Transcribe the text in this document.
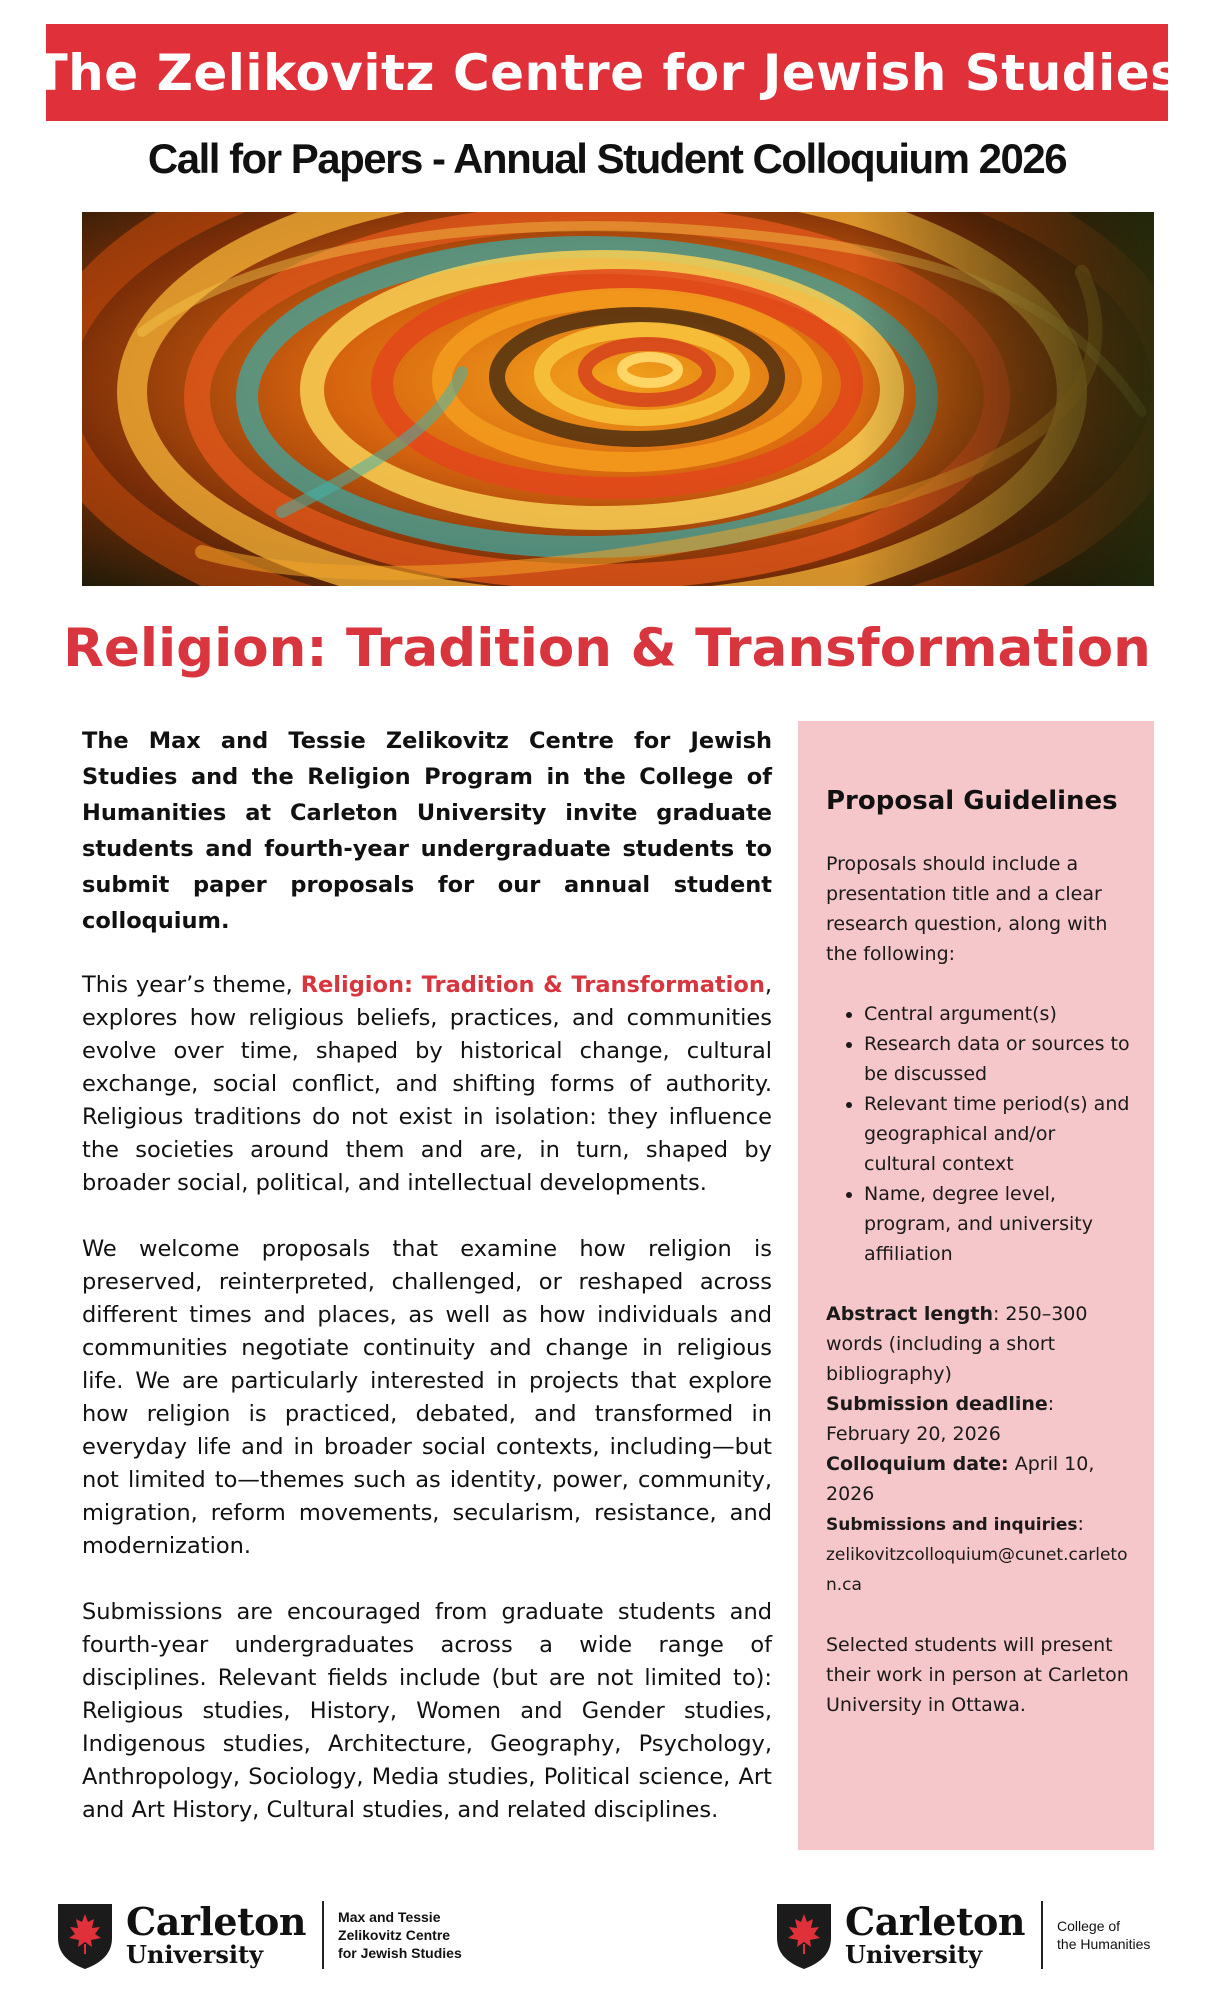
The Zelikovitz Centre for Jewish Studies
Call for Papers - Annual Student Colloquium 2026
Religion: Tradition & Transformation

The Max and Tessie Zelikovitz Centre for Jewish Studies and the Religion Program in the College of Humanities at Carleton University invite graduate students and fourth-year undergraduate students to submit paper proposals for our annual student colloquium.

This year’s theme, Religion: Tradition & Transformation, explores how religious beliefs, practices, and communities evolve over time, shaped by historical change, cultural exchange, social conflict, and shifting forms of authority. Religious traditions do not exist in isolation: they influence the societies around them and are, in turn, shaped by broader social, political, and intellectual developments.

We welcome proposals that examine how religion is preserved, reinterpreted, challenged, or reshaped across different times and places, as well as how individuals and communities negotiate continuity and change in religious life. We are particularly interested in projects that explore how religion is practiced, debated, and transformed in everyday life and in broader social contexts, including—but not limited to—themes such as identity, power, community, migration, reform movements, secularism, resistance, and modernization.

Submissions are encouraged from graduate students and fourth-year undergraduates across a wide range of disciplines. Relevant fields include (but are not limited to): Religious studies, History, Women and Gender studies, Indigenous studies, Architecture, Geography, Psychology, Anthropology, Sociology, Media studies, Political science, Art and Art History, Cultural studies, and related disciplines.

Proposal Guidelines

Proposals should include a presentation title and a clear research question, along with the following:

• Central argument(s)
• Research data or sources to be discussed
• Relevant time period(s) and geographical and/or cultural context
• Name, degree level, program, and university affiliation

Abstract length: 250–300 words (including a short bibliography)

Submission deadline:
February 20, 2026

Colloquium date: April 10, 2026

Submissions and inquiries:

zelikovitzcolloquium@cunet.carleton.ca

Selected students will present their work in person at Carleton University in Ottawa.

Carleton
University
Max and Tessie
Zelikovitz Centre
for Jewish Studies
Carleton
University
College of
the Humanities
